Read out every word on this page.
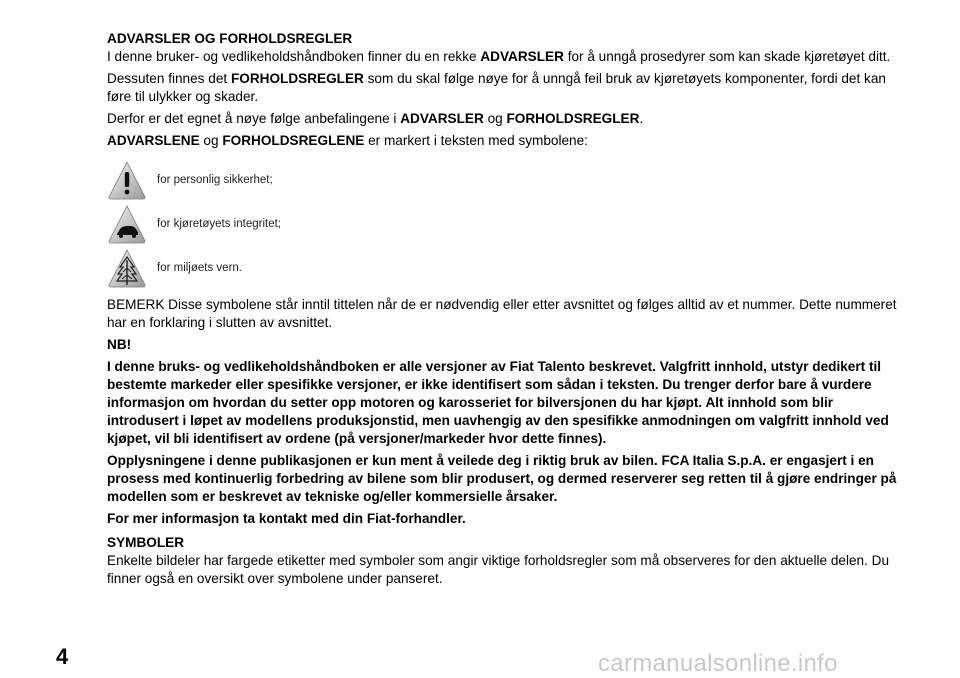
ADVARSLER OG FORHOLDSREGLER

I denne bruker- og vedlikeholdshåndboken finner du en rekke ADVARSLER for å unngå prosedyrer som kan skade kjøretøyet ditt.

Dessuten finnes det FORHOLDSREGLER som du skal følge nøye for å unngå feil bruk av kjøretøyets komponenter, fordi det kan føre til ulykker og skader.

Derfor er det egnet å nøye følge anbefalingene i ADVARSLER og FORHOLDSREGLER.

ADVARSLENE og FORHOLDSREGLENE er markert i teksten med symbolene:

for personlig sikkerhet;
for kjøretøyets integritet;
for miljøets vern.

BEMERK Disse symbolene står inntil tittelen når de er nødvendig eller etter avsnittet og følges alltid av et nummer. Dette nummeret har en forklaring i slutten av avsnittet.

NB!

I denne bruks- og vedlikeholdshåndboken er alle versjoner av Fiat Talento beskrevet. Valgfritt innhold, utstyr dedikert til bestemte markeder eller spesifikke versjoner, er ikke identifisert som sådan i teksten. Du trenger derfor bare å vurdere informasjon om hvordan du setter opp motoren og karosseriet for bilversjonen du har kjøpt. Alt innhold som blir introdusert i løpet av modellens produksjonstid, men uavhengig av den spesifikke anmodningen om valgfritt innhold ved kjøpet, vil bli identifisert av ordene (på versjoner/markeder hvor dette finnes).

Opplysningene i denne publikasjonen er kun ment å veilede deg i riktig bruk av bilen. FCA Italia S.p.A. er engasjert i en prosess med kontinuerlig forbedring av bilene som blir produsert, og dermed reserverer seg retten til å gjøre endringer på modellen som er beskrevet av tekniske og/eller kommersielle årsaker.

For mer informasjon ta kontakt med din Fiat-forhandler.

SYMBOLER

Enkelte bildeler har fargede etiketter med symboler som angir viktige forholdsregler som må observeres for den aktuelle delen. Du finner også en oversikt over symbolene under panseret.

4	carmanualsonline.info
